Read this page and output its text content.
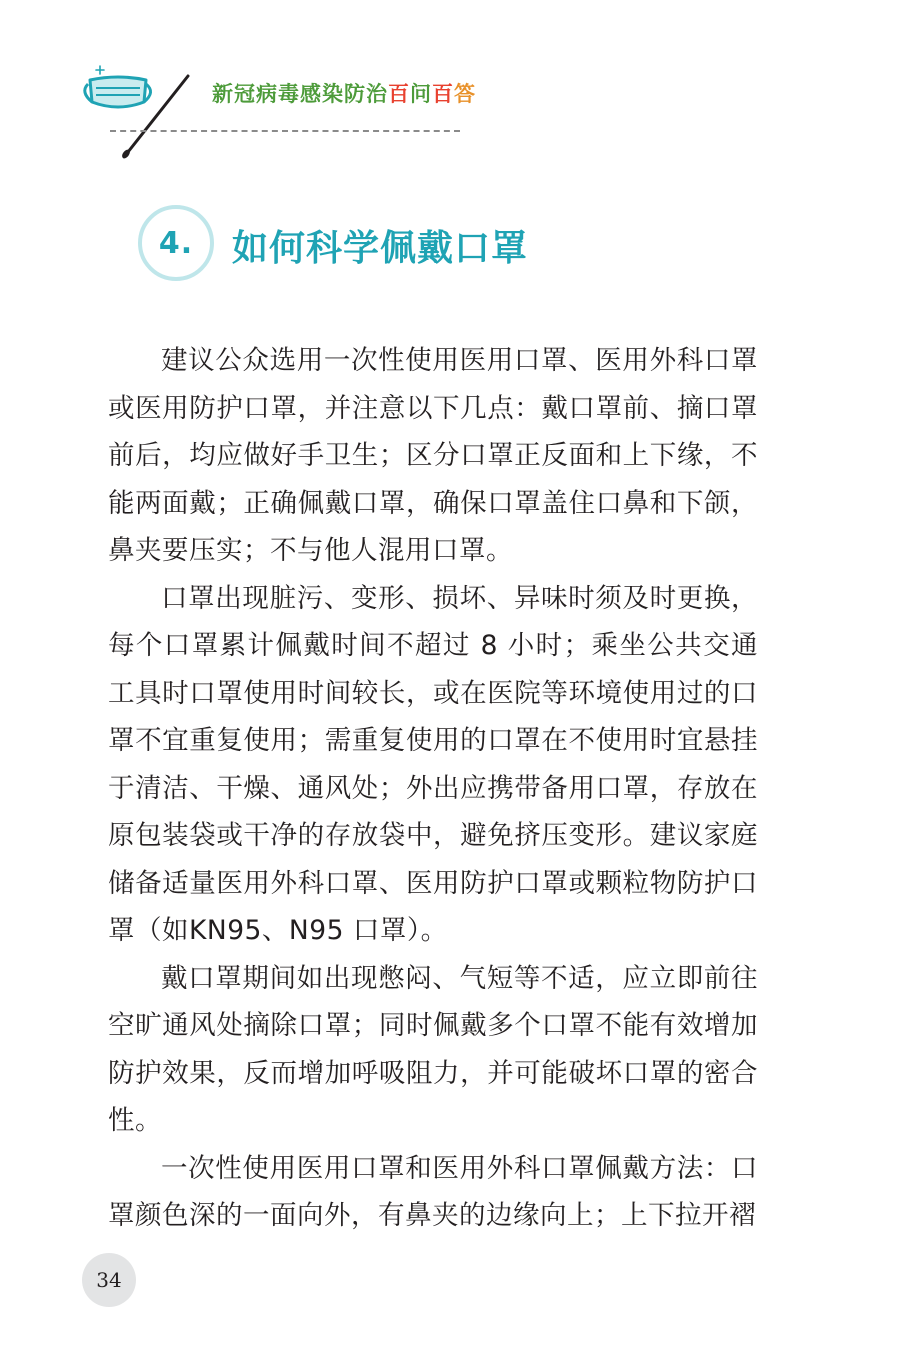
新冠病毒感染防治百问百答
4. 如何科学佩戴口罩

建议公众选用一次性使用医用口罩、医用外科口罩或医用防护口罩，并注意以下几点：戴口罩前、摘口罩前后，均应做好手卫生；区分口罩正反面和上下缘，不能两面戴；正确佩戴口罩，确保口罩盖住口鼻和下颌，鼻夹要压实；不与他人混用口罩。

口罩出现脏污、变形、损坏、异味时须及时更换，每个口罩累计佩戴时间不超过 8 小时；乘坐公共交通工具时口罩使用时间较长，或在医院等环境使用过的口罩不宜重复使用；需重复使用的口罩在不使用时宜悬挂于清洁、干燥、通风处；外出应携带备用口罩，存放在原包装袋或干净的存放袋中，避免挤压变形。建议家庭储备适量医用外科口罩、医用防护口罩或颗粒物防护口罩（如KN95、N95 口罩）。

戴口罩期间如出现憋闷、气短等不适，应立即前往空旷通风处摘除口罩；同时佩戴多个口罩不能有效增加防护效果，反而增加呼吸阻力，并可能破坏口罩的密合性。

一次性使用医用口罩和医用外科口罩佩戴方法：口罩颜色深的一面向外，有鼻夹的边缘向上；上下拉开褶

34
